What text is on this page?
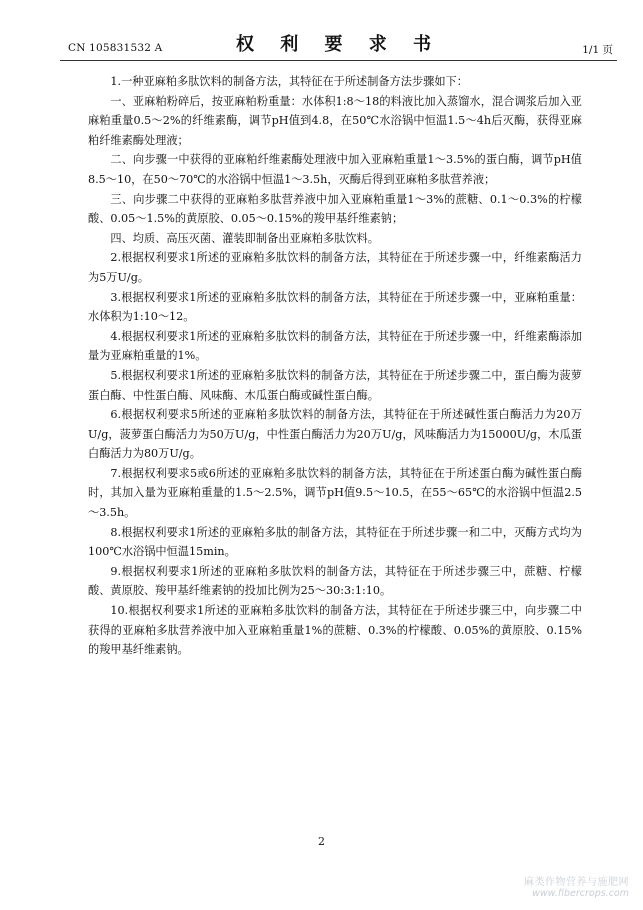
CN 105831532 A	权 利 要 求 书	1/1 页

1.一种亚麻粕多肽饮料的制备方法，其特征在于所述制备方法步骤如下：

一、亚麻粕粉碎后，按亚麻粕粉重量：水体积1:8～18的料液比加入蒸馏水，混合调浆后加入亚麻粕重量0.5～2%的纤维素酶，调节pH值到4.8，在50℃水浴锅中恒温1.5～4h后灭酶，获得亚麻粕纤维素酶处理液；

二、向步骤一中获得的亚麻粕纤维素酶处理液中加入亚麻粕重量1～3.5%的蛋白酶，调节pH值8.5～10，在50～70℃的水浴锅中恒温1～3.5h，灭酶后得到亚麻粕多肽营养液；

三、向步骤二中获得的亚麻粕多肽营养液中加入亚麻粕重量1～3%的蔗糖、0.1～0.3%的柠檬酸、0.05～1.5%的黄原胶、0.05～0.15%的羧甲基纤维素钠；

四、均质、高压灭菌、灌装即制备出亚麻粕多肽饮料。

2.根据权利要求1所述的亚麻粕多肽饮料的制备方法，其特征在于所述步骤一中，纤维素酶活力为5万U/g。

3.根据权利要求1所述的亚麻粕多肽饮料的制备方法，其特征在于所述步骤一中，亚麻粕重量：水体积为1:10～12。

4.根据权利要求1所述的亚麻粕多肽饮料的制备方法，其特征在于所述步骤一中，纤维素酶添加量为亚麻粕重量的1%。

5.根据权利要求1所述的亚麻粕多肽饮料的制备方法，其特征在于所述步骤二中，蛋白酶为菠萝蛋白酶、中性蛋白酶、风味酶、木瓜蛋白酶或碱性蛋白酶。

6.根据权利要求5所述的亚麻粕多肽饮料的制备方法，其特征在于所述碱性蛋白酶活力为20万U/g，菠萝蛋白酶活力为50万U/g，中性蛋白酶活力为20万U/g，风味酶活力为15000U/g，木瓜蛋白酶活力为80万U/g。

7.根据权利要求5或6所述的亚麻粕多肽饮料的制备方法，其特征在于所述蛋白酶为碱性蛋白酶时，其加入量为亚麻粕重量的1.5～2.5%，调节pH值9.5～10.5，在55～65℃的水浴锅中恒温2.5～3.5h。

8.根据权利要求1所述的亚麻粕多肽的制备方法，其特征在于所述步骤一和二中，灭酶方式均为100℃水浴锅中恒温15min。

9.根据权利要求1所述的亚麻粕多肽饮料的制备方法，其特征在于所述步骤三中，蔗糖、柠檬酸、黄原胶、羧甲基纤维素钠的投加比例为25～30:3:1:10。

10.根据权利要求1所述的亚麻粕多肽饮料的制备方法，其特征在于所述步骤三中，向步骤二中获得的亚麻粕多肽营养液中加入亚麻粕重量1%的蔗糖、0.3%的柠檬酸、0.05%的黄原胶、0.15%的羧甲基纤维素钠。

2
麻类作物营养与施肥网
www.fibercrops.com
